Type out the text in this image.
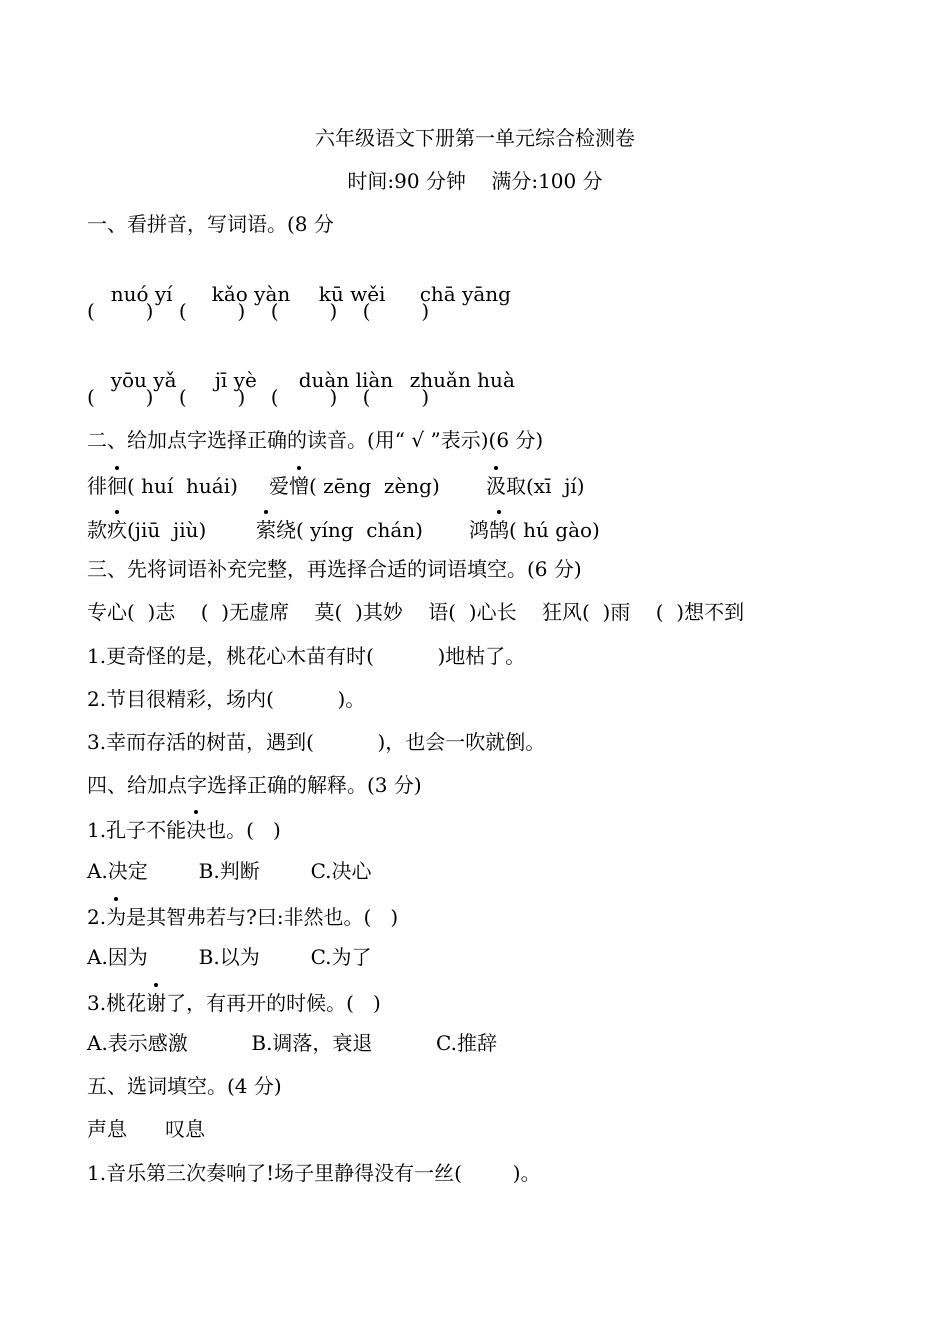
六年级语文下册第一单元综合检测卷
时间:90 分钟    满分:100 分
一、看拼音，写词语。(8 分

nuó yí kǎo yàn kū wěi chā yāng

(        )    (        )    (        )    (        )

yōu yǎ jī yè duàn liàn zhuǎn huà

(        )    (        )    (        )    (        )
二、给加点字选择正确的读音。(用“ √ ”表示)(6 分)
徘徊( huí  huái) 爱憎( zēng  zèng) 汲取(xī  jí)
款疚(jiū  jiù) 萦绕( yíng  chán) 鸿鹄( hú gào)
三、先将词语补充完整，再选择合适的词语填空。(6 分)
专心(  )志    (  )无虚席    莫(  )其妙    语(  )心长    狂风(  )雨    (  )想不到
1.更奇怪的是，桃花心木苗有时(          )地枯了。
2.节目很精彩，场内(          )。
3.幸而存活的树苗，遇到(          )，也会一吹就倒。
四、给加点字选择正确的解释。(3 分)
1.孔子不能决也。(   )
A.决定        B.判断        C.决心
2.为是其智弗若与?曰:非然也。(   )
A.因为        B.以为        C.为了
3.桃花谢了，有再开的时候。(   )
A.表示感激          B.调落，衰退          C.推辞
五、选词填空。(4 分)
声息      叹息
1.音乐第三次奏响了!场子里静得没有一丝(        )。
